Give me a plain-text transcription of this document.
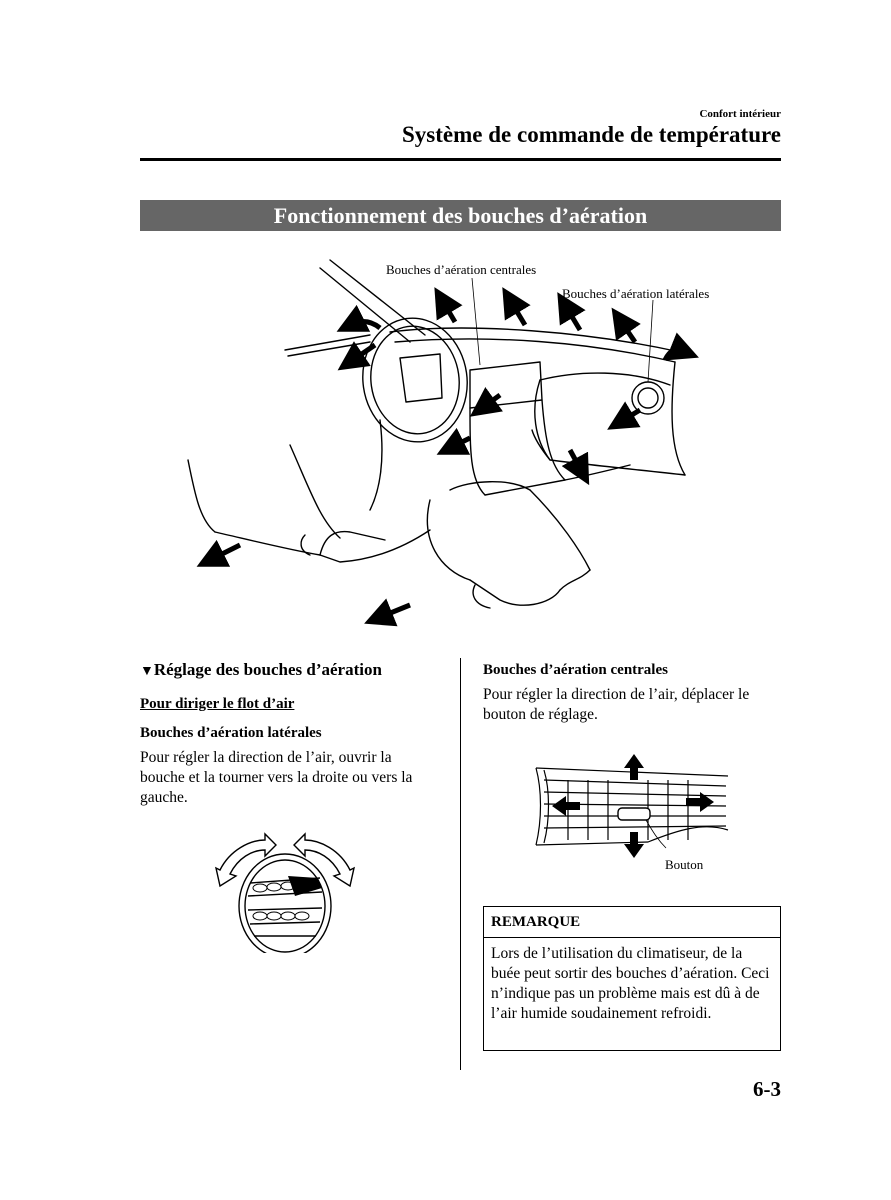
Confort intérieur
Système de commande de température
Fonctionnement des bouches d’aération
Bouches d’aération centrales
Bouches d’aération latérales

▼Réglage des bouches d’aération

Pour diriger le flot d’air

Bouches d’aération latérales

Pour régler la direction de l’air, ouvrir la bouche et la tourner vers la droite ou vers la gauche.

Bouches d’aération centrales

Pour régler la direction de l’air, déplacer le bouton de réglage.

Bouton
REMARQUE
Lors de l’utilisation du climatiseur, de la buée peut sortir des bouches d’aération. Ceci n’indique pas un problème mais est dû à de l’air humide soudainement refroidi.
6-3
